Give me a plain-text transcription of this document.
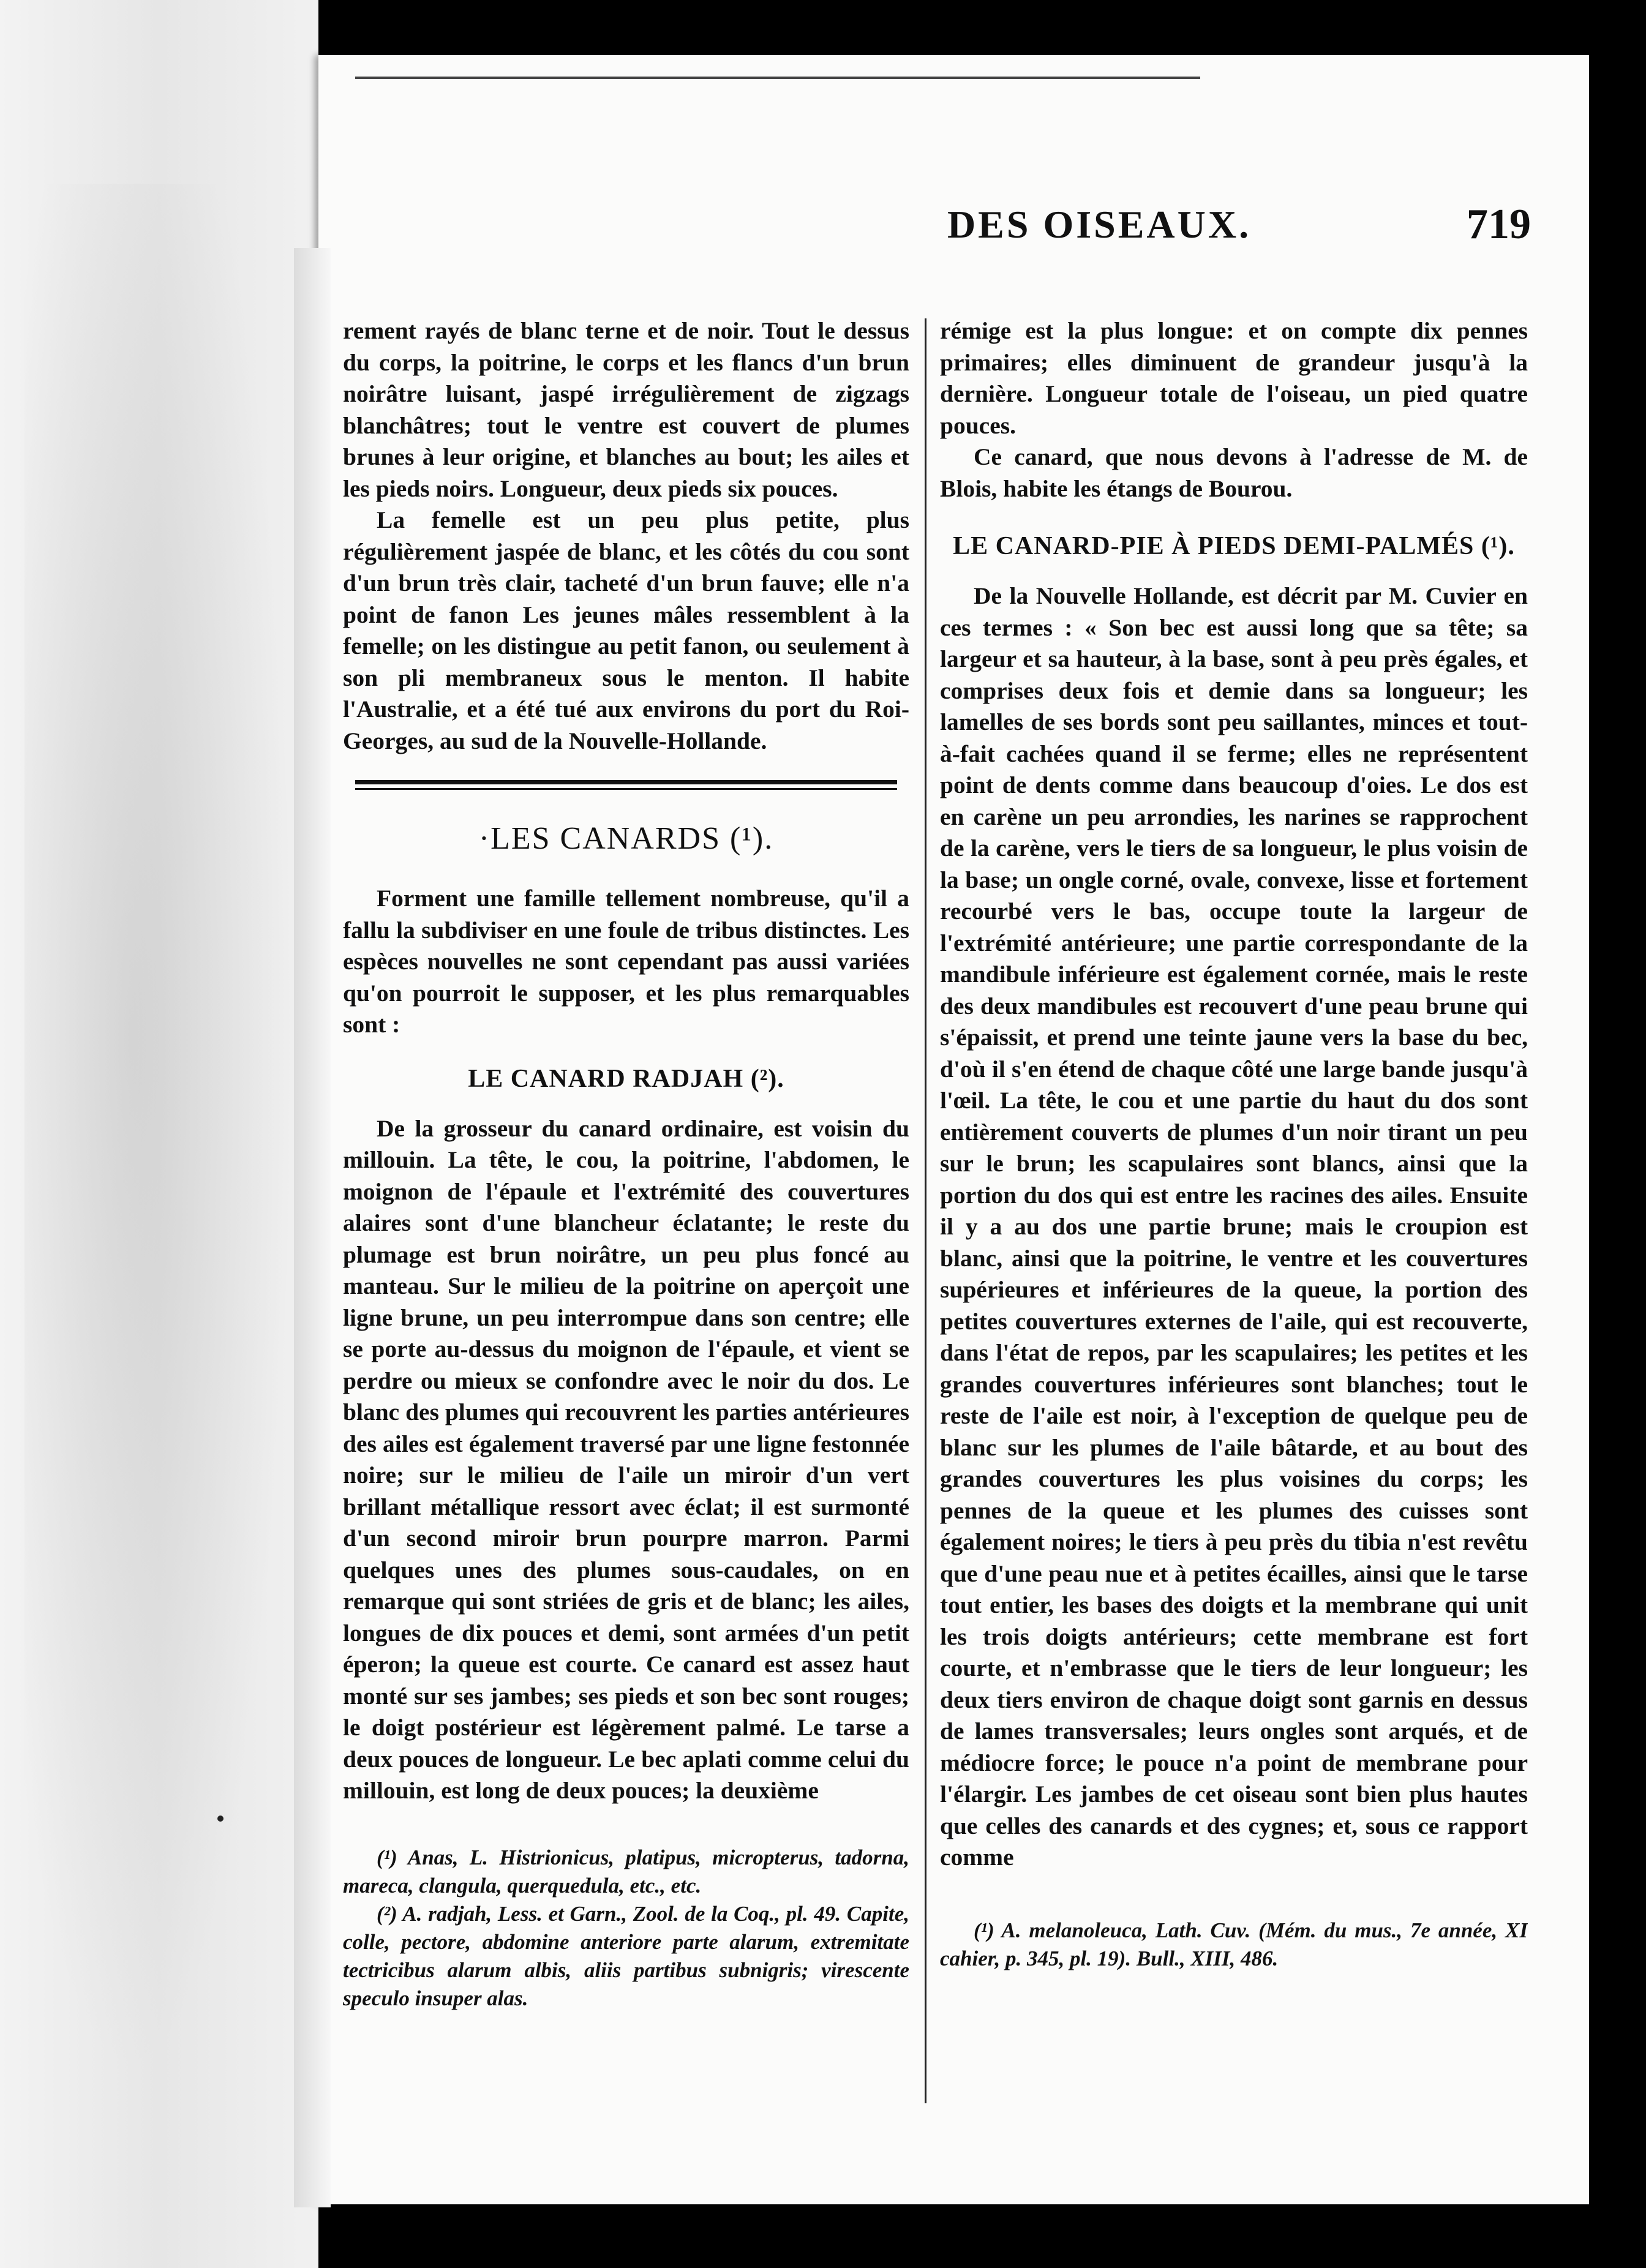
DES OISEAUX.	719

rement rayés de blanc terne et de noir. Tout le dessus du corps, la poitrine, le corps et les flancs d'un brun noirâtre luisant, jaspé irrégulièrement de zigzags blanchâtres; tout le ventre est couvert de plumes brunes à leur origine, et blanches au bout; les ailes et les pieds noirs. Longueur, deux pieds six pouces.

La femelle est un peu plus petite, plus régulièrement jaspée de blanc, et les côtés du cou sont d'un brun très clair, tacheté d'un brun fauve; elle n'a point de fanon Les jeunes mâles ressemblent à la femelle; on les distingue au petit fanon, ou seulement à son pli membraneux sous le menton. Il habite l'Australie, et a été tué aux environs du port du Roi-Georges, au sud de la Nouvelle-Hollande.

·LES CANARDS (¹).

Forment une famille tellement nombreuse, qu'il a fallu la subdiviser en une foule de tribus distinctes. Les espèces nouvelles ne sont cependant pas aussi variées qu'on pourroit le supposer, et les plus remarquables sont :

LE CANARD RADJAH (²).

De la grosseur du canard ordinaire, est voisin du millouin. La tête, le cou, la poitrine, l'abdomen, le moignon de l'épaule et l'extrémité des couvertures alaires sont d'une blancheur éclatante; le reste du plumage est brun noirâtre, un peu plus foncé au manteau. Sur le milieu de la poitrine on aperçoit une ligne brune, un peu interrompue dans son centre; elle se porte au-dessus du moignon de l'épaule, et vient se perdre ou mieux se confondre avec le noir du dos. Le blanc des plumes qui recouvrent les parties antérieures des ailes est également traversé par une ligne festonnée noire; sur le milieu de l'aile un miroir d'un vert brillant métallique ressort avec éclat; il est surmonté d'un second miroir brun pourpre marron. Parmi quelques unes des plumes sous-caudales, on en remarque qui sont striées de gris et de blanc; les ailes, longues de dix pouces et demi, sont armées d'un petit éperon; la queue est courte. Ce canard est assez haut monté sur ses jambes; ses pieds et son bec sont rouges; le doigt postérieur est légèrement palmé. Le tarse a deux pouces de longueur. Le bec aplati comme celui du millouin, est long de deux pouces; la deuxième

(¹) Anas, L. Histrionicus, platipus, micropterus, tadorna, mareca, clangula, querquedula, etc., etc.

(²) A. radjah, Less. et Garn., Zool. de la Coq., pl. 49. Capite, colle, pectore, abdomine anteriore parte alarum, extremitate tectricibus alarum albis, aliis partibus subnigris; virescente speculo insuper alas.

rémige est la plus longue: et on compte dix pennes primaires; elles diminuent de grandeur jusqu'à la dernière. Longueur totale de l'oiseau, un pied quatre pouces.

Ce canard, que nous devons à l'adresse de M. de Blois, habite les étangs de Bourou.

LE CANARD-PIE À PIEDS DEMI-PALMÉS (¹).

De la Nouvelle Hollande, est décrit par M. Cuvier en ces termes : « Son bec est aussi long que sa tête; sa largeur et sa hauteur, à la base, sont à peu près égales, et comprises deux fois et demie dans sa longueur; les lamelles de ses bords sont peu saillantes, minces et tout-à-fait cachées quand il se ferme; elles ne représentent point de dents comme dans beaucoup d'oies. Le dos est en carène un peu arrondies, les narines se rapprochent de la carène, vers le tiers de sa longueur, le plus voisin de la base; un ongle corné, ovale, convexe, lisse et fortement recourbé vers le bas, occupe toute la largeur de l'extrémité antérieure; une partie correspondante de la mandibule inférieure est également cornée, mais le reste des deux mandibules est recouvert d'une peau brune qui s'épaissit, et prend une teinte jaune vers la base du bec, d'où il s'en étend de chaque côté une large bande jusqu'à l'œil. La tête, le cou et une partie du haut du dos sont entièrement couverts de plumes d'un noir tirant un peu sur le brun; les scapulaires sont blancs, ainsi que la portion du dos qui est entre les racines des ailes. Ensuite il y a au dos une partie brune; mais le croupion est blanc, ainsi que la poitrine, le ventre et les couvertures supérieures et inférieures de la queue, la portion des petites couvertures externes de l'aile, qui est recouverte, dans l'état de repos, par les scapulaires; les petites et les grandes couvertures inférieures sont blanches; tout le reste de l'aile est noir, à l'exception de quelque peu de blanc sur les plumes de l'aile bâtarde, et au bout des grandes couvertures les plus voisines du corps; les pennes de la queue et les plumes des cuisses sont également noires; le tiers à peu près du tibia n'est revêtu que d'une peau nue et à petites écailles, ainsi que le tarse tout entier, les bases des doigts et la membrane qui unit les trois doigts antérieurs; cette membrane est fort courte, et n'embrasse que le tiers de leur longueur; les deux tiers environ de chaque doigt sont garnis en dessus de lames transversales; leurs ongles sont arqués, et de médiocre force; le pouce n'a point de membrane pour l'élargir. Les jambes de cet oiseau sont bien plus hautes que celles des canards et des cygnes; et, sous ce rapport comme

(¹) A. melanoleuca, Lath. Cuv. (Mém. du mus., 7e année, XI cahier, p. 345, pl. 19). Bull., XIII, 486.
